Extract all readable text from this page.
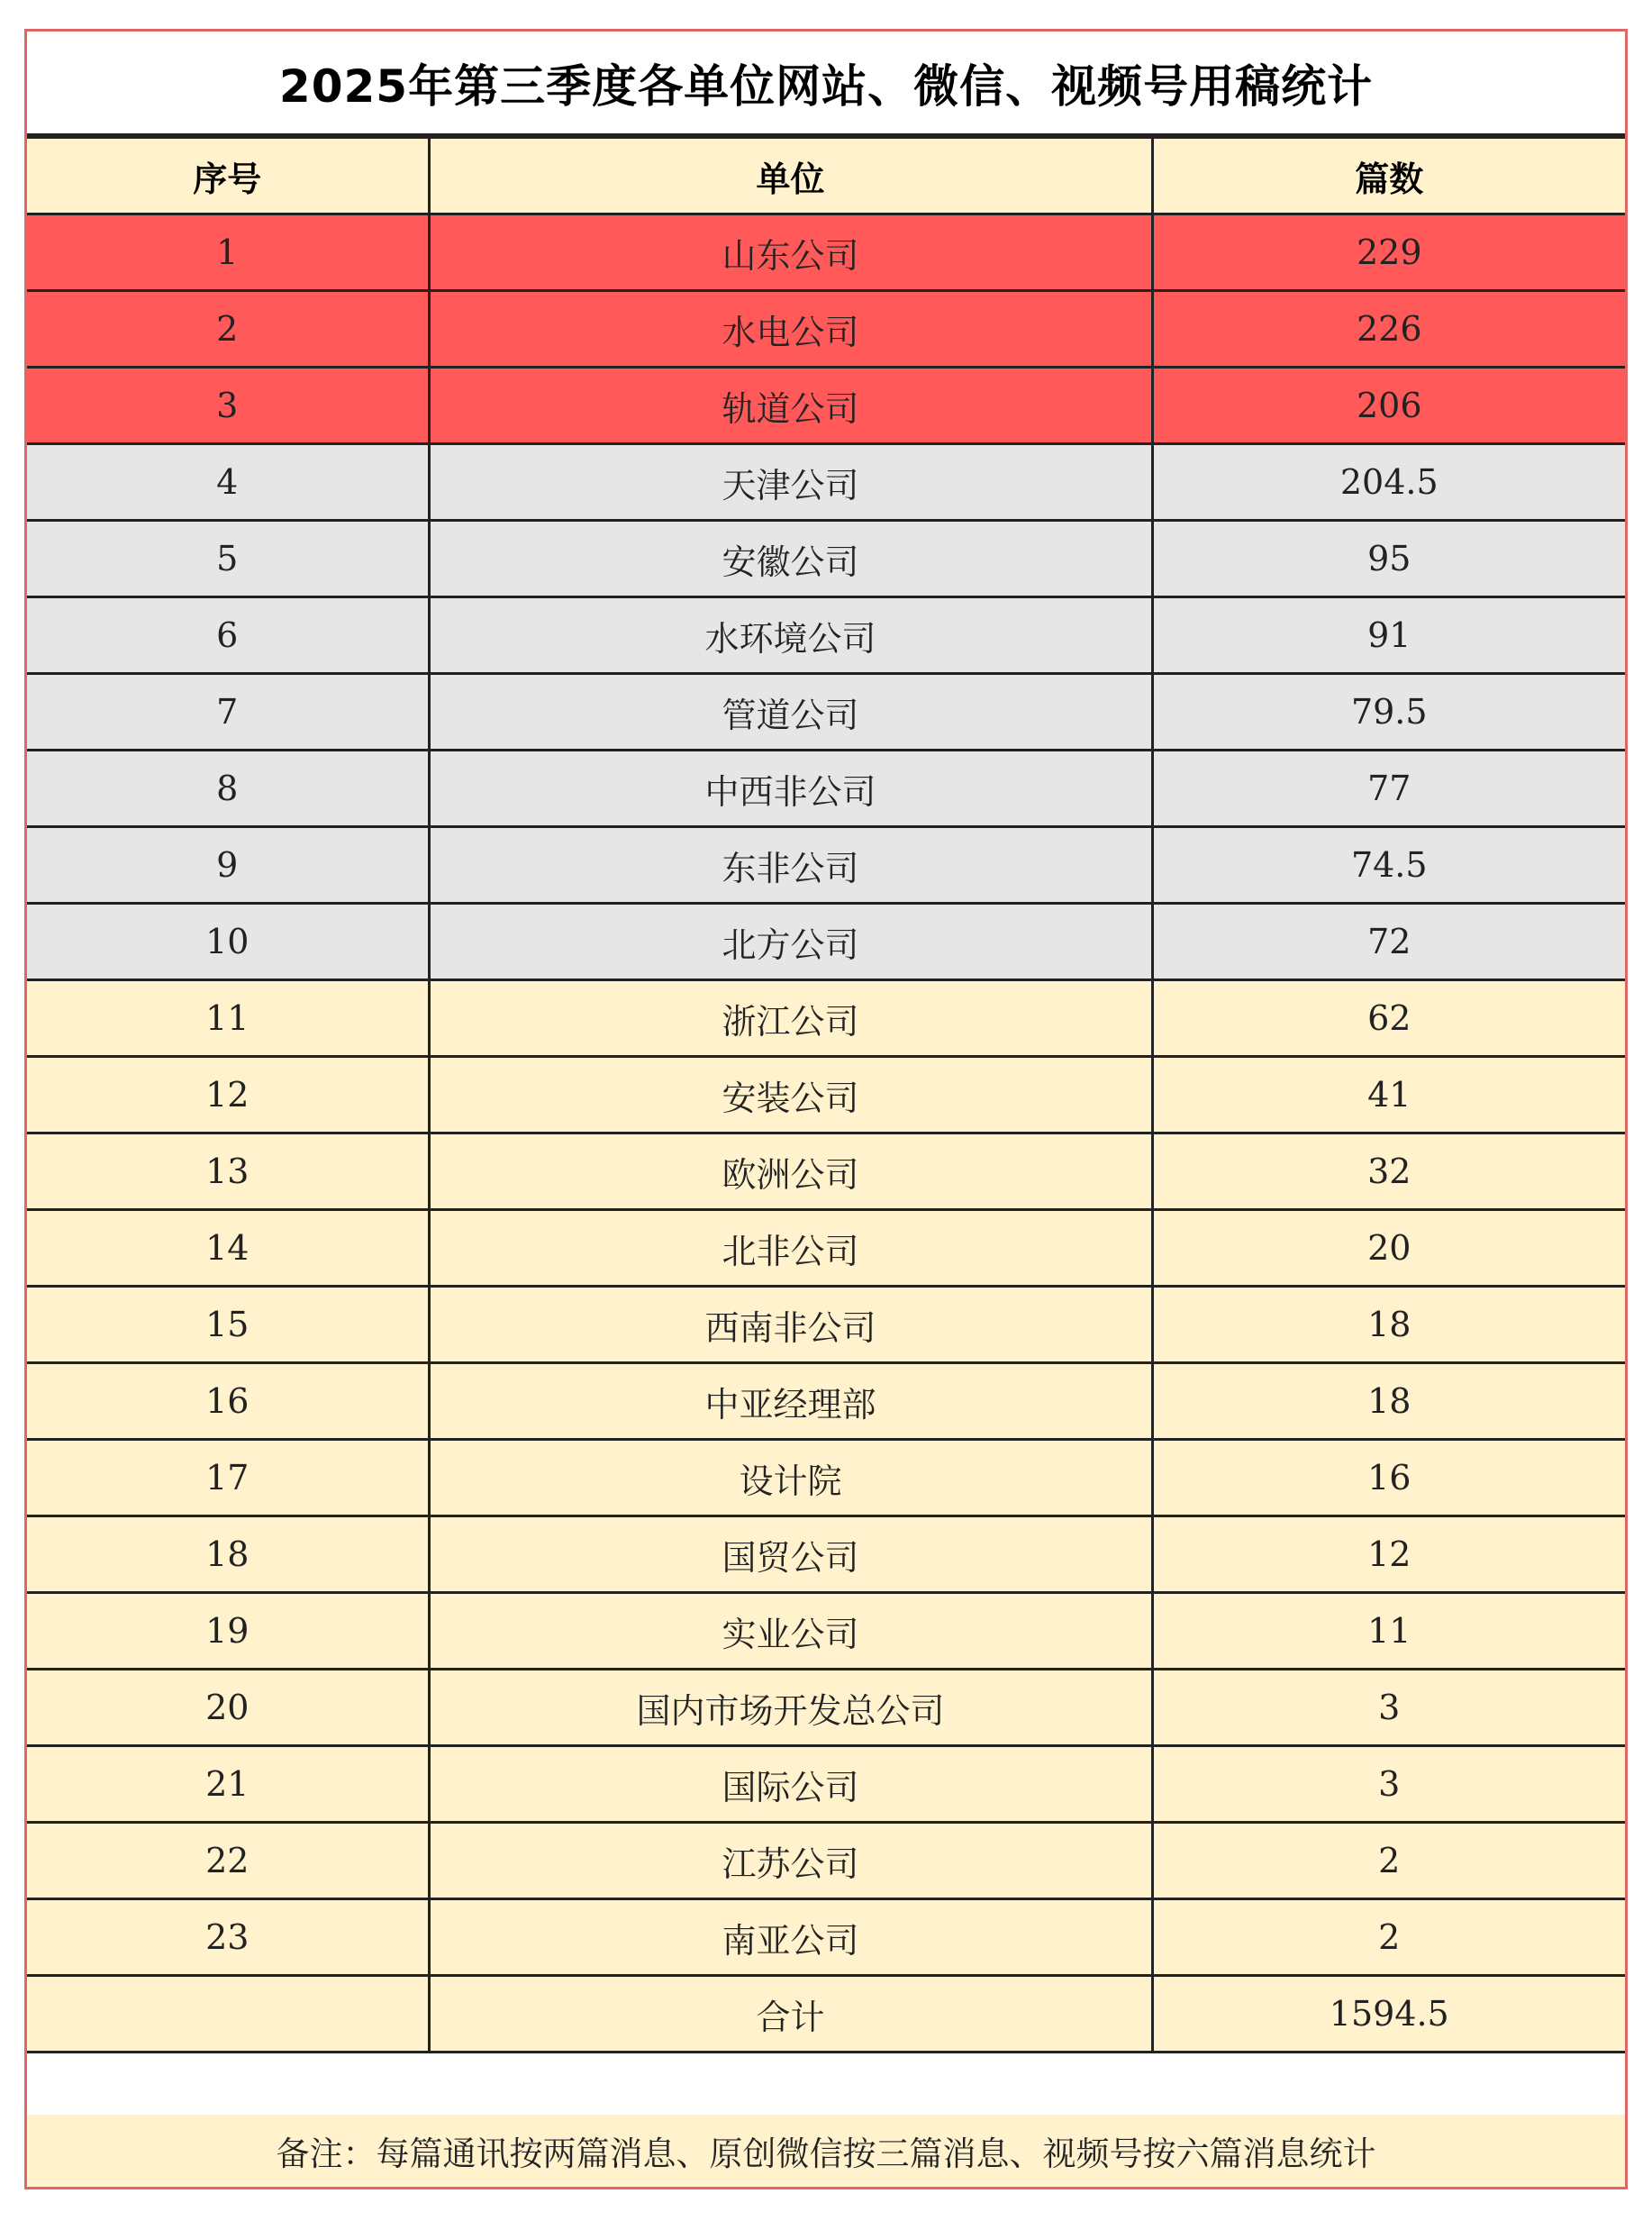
2025年第三季度各单位网站、微信、视频号用稿统计
序号	单位	篇数
1	山东公司	229
2	水电公司	226
3	轨道公司	206
4	天津公司	204.5
5	安徽公司	95
6	水环境公司	91
7	管道公司	79.5
8	中西非公司	77
9	东非公司	74.5
10	北方公司	72
11	浙江公司	62
12	安装公司	41
13	欧洲公司	32
14	北非公司	20
15	西南非公司	18
16	中亚经理部	18
17	设计院	16
18	国贸公司	12
19	实业公司	11
20	国内市场开发总公司	3
21	国际公司	3
22	江苏公司	2
23	南亚公司	2
	合计	1594.5
备注：每篇通讯按两篇消息、原创微信按三篇消息、视频号按六篇消息统计
